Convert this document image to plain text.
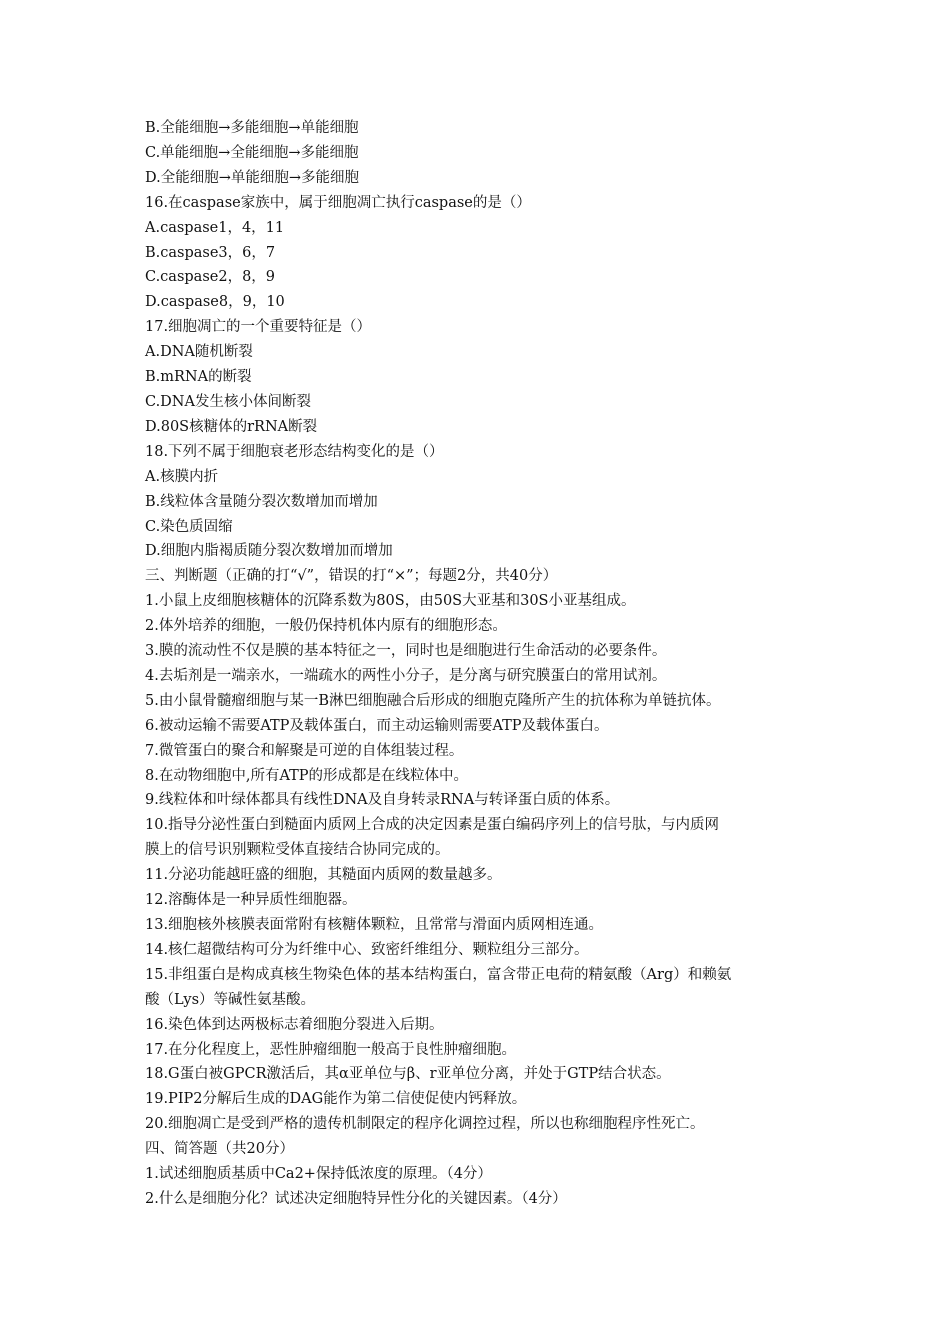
B.全能细胞→多能细胞→单能细胞

C.单能细胞→全能细胞→多能细胞

D.全能细胞→单能细胞→多能细胞

16.在caspase家族中，属于细胞凋亡执行caspase的是（）

A.caspase1，4，11

B.caspase3，6，7

C.caspase2，8，9

D.caspase8，9，10

17.细胞凋亡的一个重要特征是（）

A.DNA随机断裂

B.mRNA的断裂

C.DNA发生核小体间断裂

D.80S核糖体的rRNA断裂

18.下列不属于细胞衰老形态结构变化的是（）

A.核膜内折

B.线粒体含量随分裂次数增加而增加

C.染色质固缩

D.细胞内脂褐质随分裂次数增加而增加

三、判断题（正确的打“√”，错误的打“×”；每题2分，共40分）

1.小鼠上皮细胞核糖体的沉降系数为80S，由50S大亚基和30S小亚基组成。

2.体外培养的细胞，一般仍保持机体内原有的细胞形态。

3.膜的流动性不仅是膜的基本特征之一，同时也是细胞进行生命活动的必要条件。

4.去垢剂是一端亲水，一端疏水的两性小分子，是分离与研究膜蛋白的常用试剂。

5.由小鼠骨髓瘤细胞与某一B淋巴细胞融合后形成的细胞克隆所产生的抗体称为单链抗体。

6.被动运输不需要ATP及载体蛋白，而主动运输则需要ATP及载体蛋白。

7.微管蛋白的聚合和解聚是可逆的自体组装过程。

8.在动物细胞中,所有ATP的形成都是在线粒体中。

9.线粒体和叶绿体都具有线性DNA及自身转录RNA与转译蛋白质的体系。

10.指导分泌性蛋白到糙面内质网上合成的决定因素是蛋白编码序列上的信号肽，与内质网

膜上的信号识别颗粒受体直接结合协同完成的。

11.分泌功能越旺盛的细胞，其糙面内质网的数量越多。

12.溶酶体是一种异质性细胞器。

13.细胞核外核膜表面常附有核糖体颗粒，且常常与滑面内质网相连通。

14.核仁超微结构可分为纤维中心、致密纤维组分、颗粒组分三部分。

15.非组蛋白是构成真核生物染色体的基本结构蛋白，富含带正电荷的精氨酸（Arg）和赖氨

酸（Lys）等碱性氨基酸。

16.染色体到达两极标志着细胞分裂进入后期。

17.在分化程度上，恶性肿瘤细胞一般高于良性肿瘤细胞。

18.G蛋白被GPCR激活后，其α亚单位与β、r亚单位分离，并处于GTP结合状态。

19.PIP2分解后生成的DAG能作为第二信使促使内钙释放。

20.细胞凋亡是受到严格的遗传机制限定的程序化调控过程，所以也称细胞程序性死亡。

四、简答题（共20分）

1.试述细胞质基质中Ca2+保持低浓度的原理。（4分）

2.什么是细胞分化？试述决定细胞特异性分化的关键因素。（4分）
